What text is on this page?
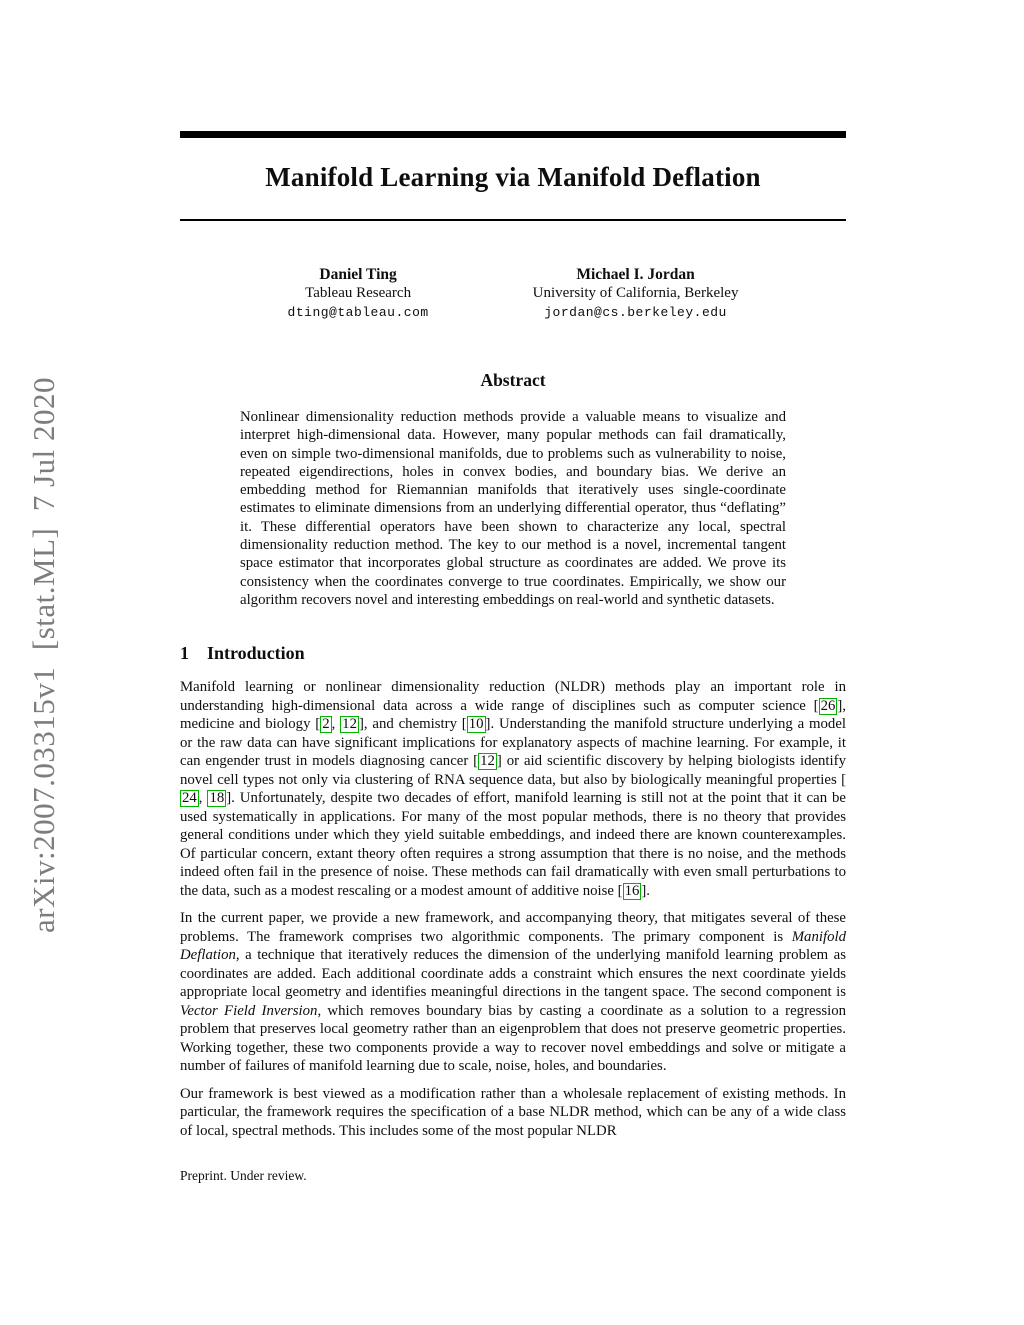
arXiv:2007.03315v1  [stat.ML]  7 Jul 2020
Manifold Learning via Manifold Deflation
Daniel Ting
Tableau Research
dting@tableau.com
Michael I. Jordan
University of California, Berkeley
jordan@cs.berkeley.edu
Abstract

Nonlinear dimensionality reduction methods provide a valuable means to visualize and interpret high-dimensional data. However, many popular methods can fail dramatically, even on simple two-dimensional manifolds, due to problems such as vulnerability to noise, repeated eigendirections, holes in convex bodies, and boundary bias. We derive an embedding method for Riemannian manifolds that iteratively uses single-coordinate estimates to eliminate dimensions from an underlying differential operator, thus “deflating” it. These differential operators have been shown to characterize any local, spectral dimensionality reduction method. The key to our method is a novel, incremental tangent space estimator that incorporates global structure as coordinates are added. We prove its consistency when the coordinates converge to true coordinates. Empirically, we show our algorithm recovers novel and interesting embeddings on real-world and synthetic datasets.

1 Introduction

Manifold learning or nonlinear dimensionality reduction (NLDR) methods play an important role in understanding high-dimensional data across a wide range of disciplines such as computer science [ 26 ], medicine and biology [ 2 , 12 ], and chemistry [ 10 ]. Understanding the manifold structure underlying a model or the raw data can have significant implications for explanatory aspects of machine learning. For example, it can engender trust in models diagnosing cancer [ 12 ] or aid scientific discovery by helping biologists identify novel cell types not only via clustering of RNA sequence data, but also by biologically meaningful properties [24 , 18 ]. Unfortunately, despite two decades of effort, manifold learning is still not at the point that it can be used systematically in applications. For many of the most popular methods, there is no theory that provides general conditions under which they yield suitable embeddings, and indeed there are known counterexamples. Of particular concern, extant theory often requires a strong assumption that there is no noise, and the methods indeed often fail in the presence of noise. These methods can fail dramatically with even small perturbations to the data, such as a modest rescaling or a modest amount of additive noise [ 16 ].

In the current paper, we provide a new framework, and accompanying theory, that mitigates several of these problems. The framework comprises two algorithmic components. The primary component is Manifold Deflation, a technique that iteratively reduces the dimension of the underlying manifold learning problem as coordinates are added. Each additional coordinate adds a constraint which ensures the next coordinate yields appropriate local geometry and identifies meaningful directions in the tangent space. The second component is Vector Field Inversion, which removes boundary bias by casting a coordinate as a solution to a regression problem that preserves local geometry rather than an eigenproblem that does not preserve geometric properties. Working together, these two components provide a way to recover novel embeddings and solve or mitigate a number of failures of manifold learning due to scale, noise, holes, and boundaries.

Our framework is best viewed as a modification rather than a wholesale replacement of existing methods. In particular, the framework requires the specification of a base NLDR method, which can be any of a wide class of local, spectral methods. This includes some of the most popular NLDR

Preprint. Under review.
